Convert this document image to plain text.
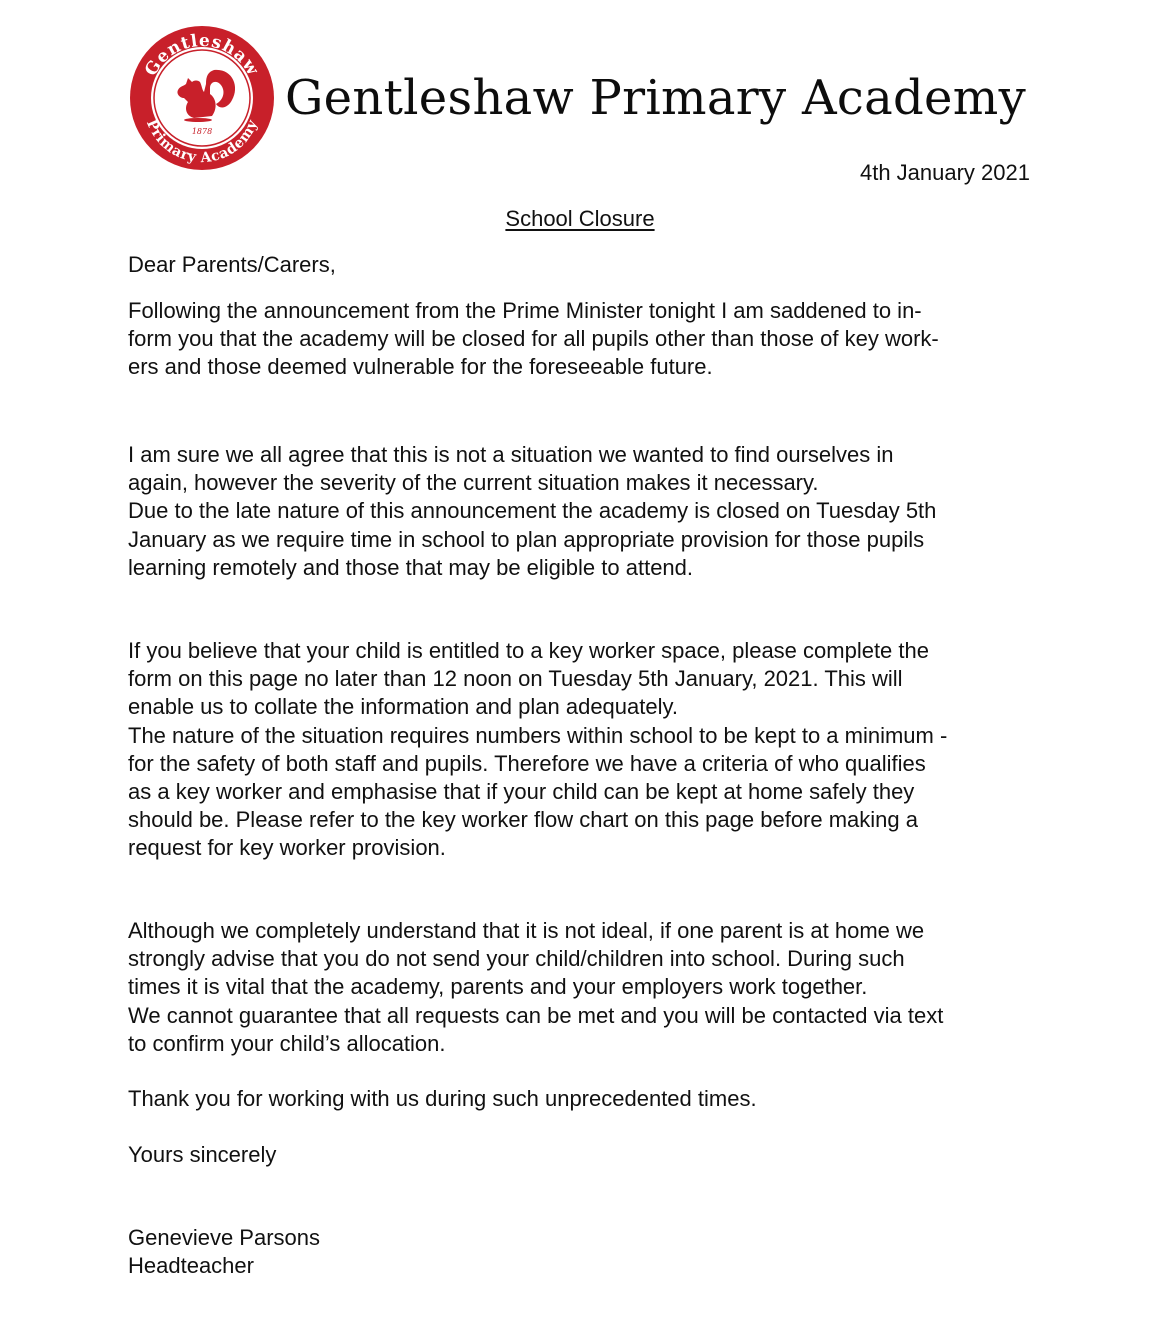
Gentleshaw
Primary Academy
1878
Gentleshaw Primary Academy
4th January 2021
School Closure

Dear Parents/Carers,

Following the announcement from the Prime Minister tonight I am saddened to in-
form you that the academy will be closed for all pupils other than those of key work-
ers and those deemed vulnerable for the foreseeable future.

I am sure we all agree that this is not a situation we wanted to find ourselves in
again, however the severity of the current situation makes it necessary.
Due to the late nature of this announcement the academy is closed on Tuesday 5th
January as we require time in school to plan appropriate provision for those pupils
learning remotely and those that may be eligible to attend.

If you believe that your child is entitled to a key worker space, please complete the
form on this page no later than 12 noon on Tuesday 5th January, 2021. This will
enable us to collate the information and plan adequately.
The nature of the situation requires numbers within school to be kept to a minimum -
for the safety of both staff and pupils. Therefore we have a criteria of who qualifies
as a key worker and emphasise that if your child can be kept at home safely they
should be. Please refer to the key worker flow chart on this page before making a
request for key worker provision.

Although we completely understand that it is not ideal, if one parent is at home we
strongly advise that you do not send your child/children into school. During such
times it is vital that the academy, parents and your employers work together.
We cannot guarantee that all requests can be met and you will be contacted via text
to confirm your child’s allocation.

Thank you for working with us during such unprecedented times.

Yours sincerely

Genevieve Parsons

Headteacher
